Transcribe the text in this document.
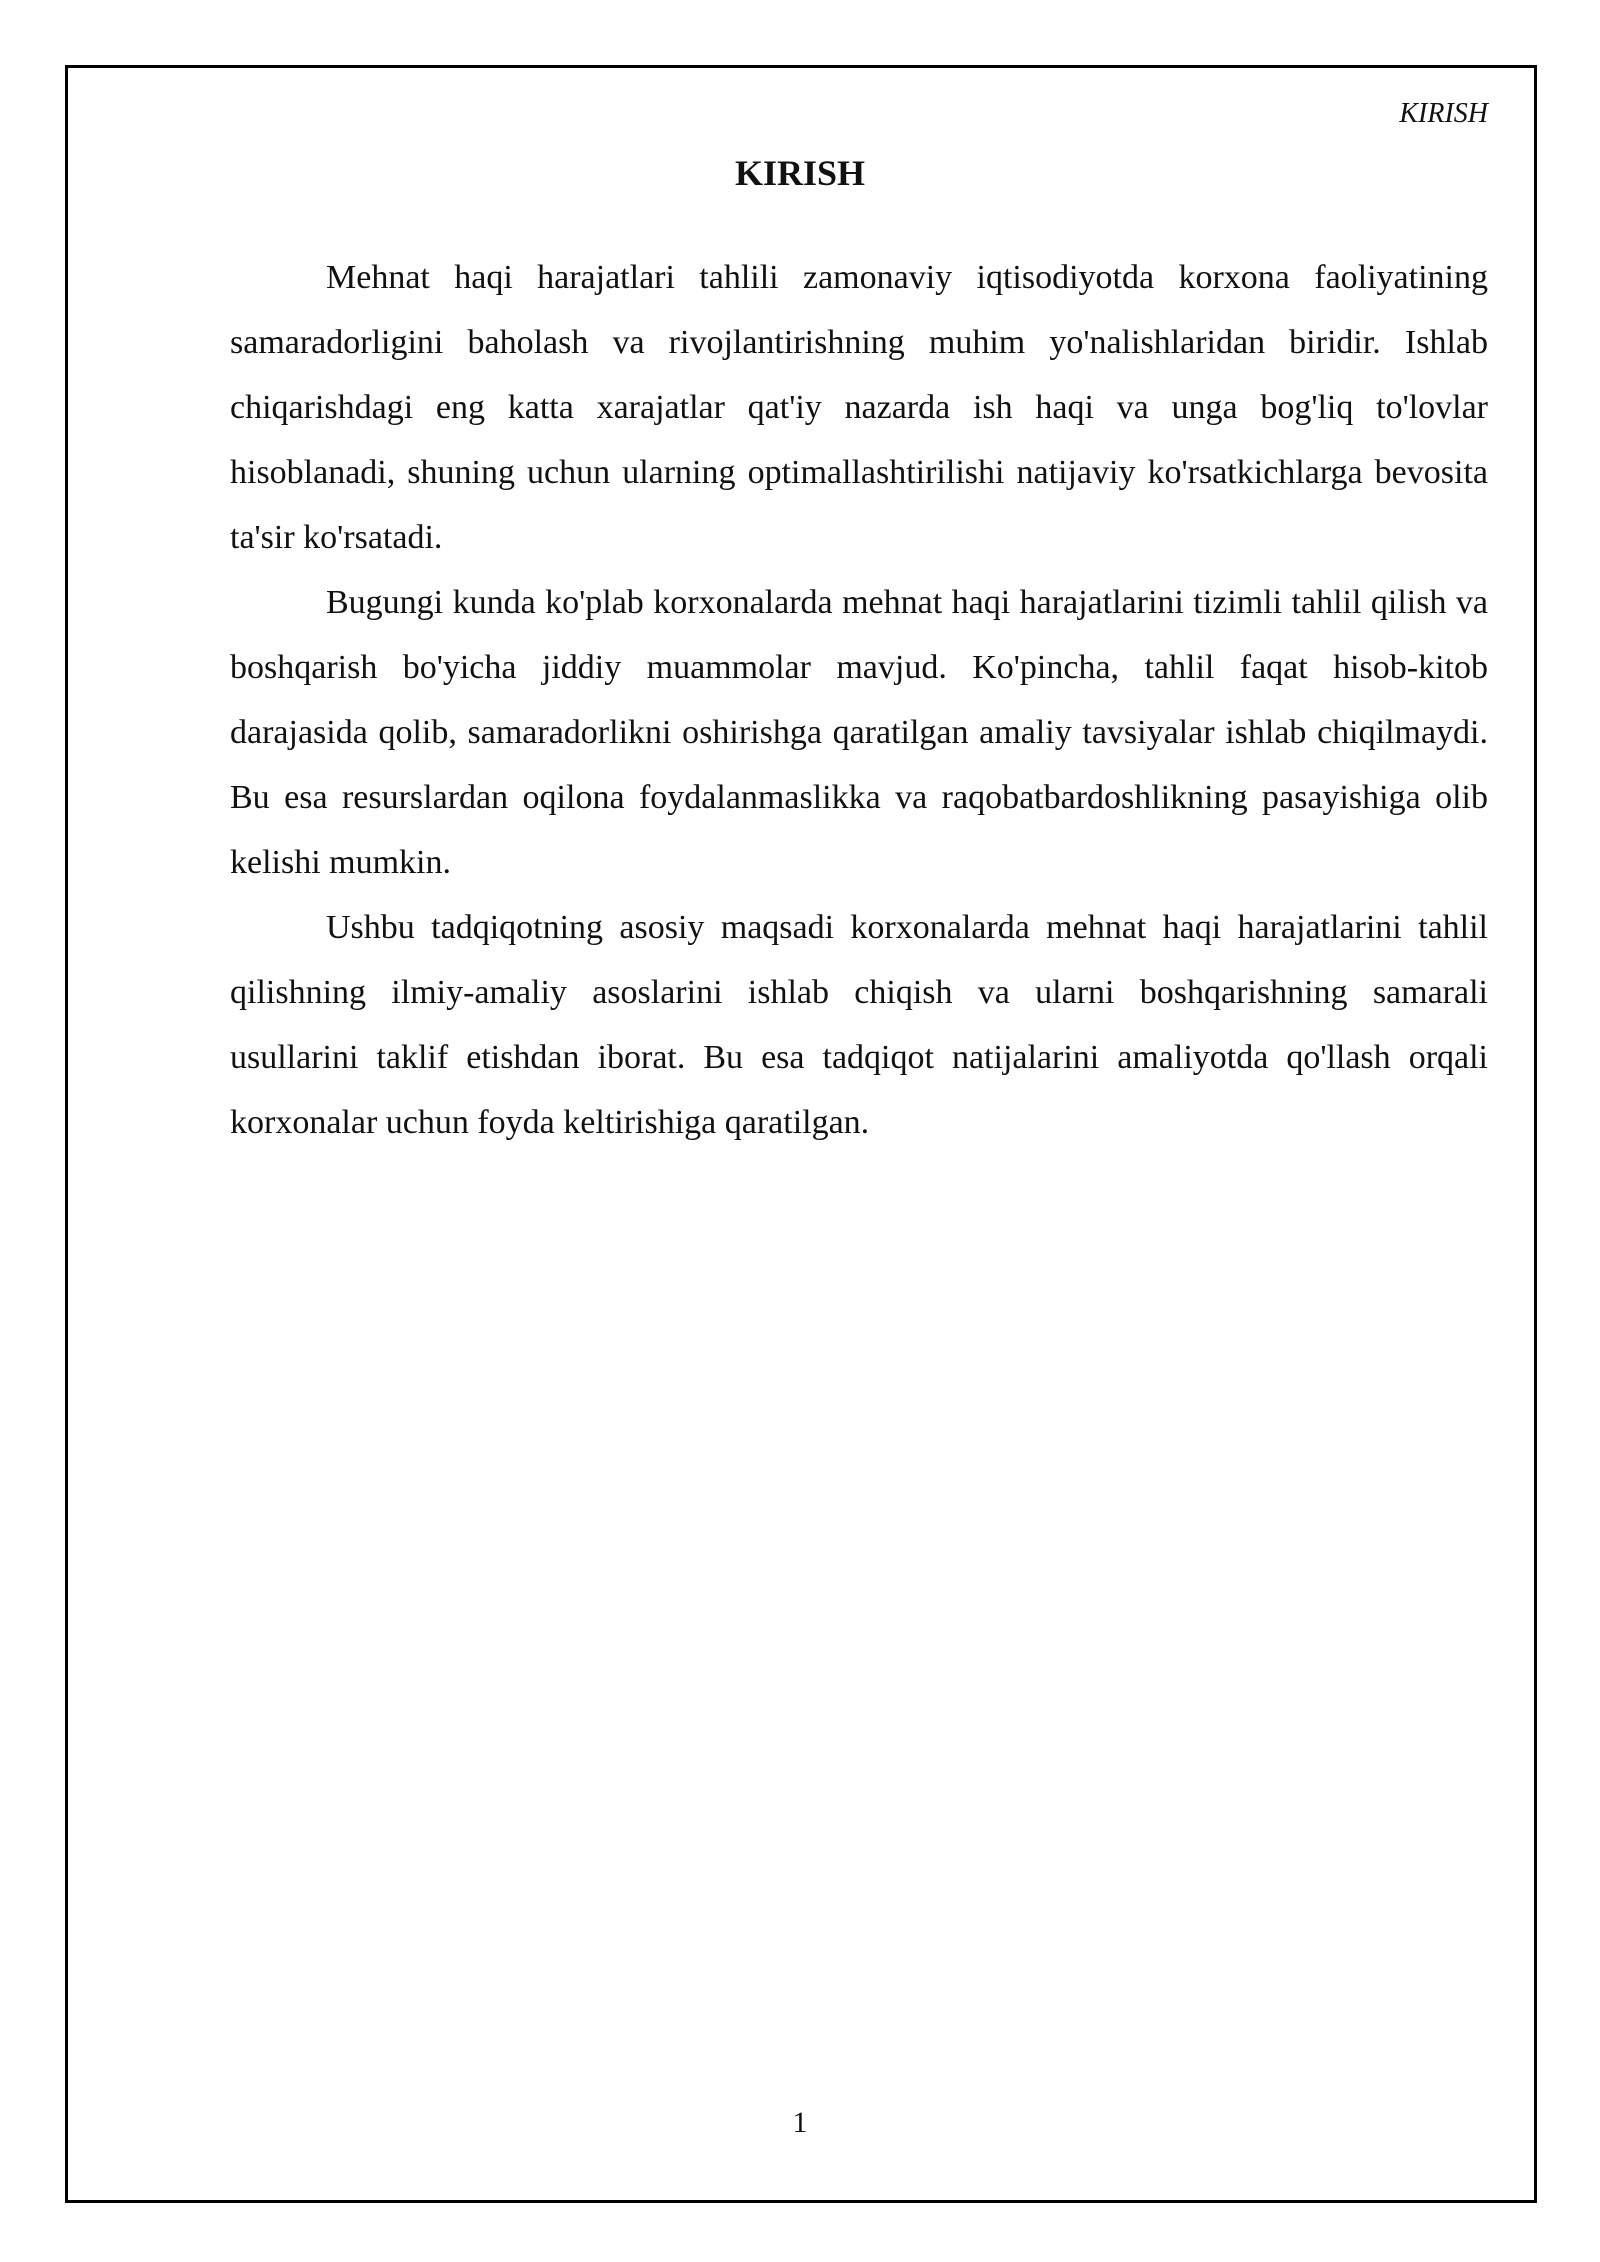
KIRISH
KIRISH

Mehnat haqi harajatlari tahlili zamonaviy iqtisodiyotda korxona faoliyatining samaradorligini baholash va rivojlantirishning muhim yo'nalishlaridan biridir. Ishlab chiqarishdagi eng katta xarajatlar qat'iy nazarda ish haqi va unga bog'liq to'lovlar hisoblanadi, shuning uchun ularning optimallashtirilishi natijaviy ko'rsatkichlarga bevosita ta'sir ko'rsatadi.

Bugungi kunda ko'plab korxonalarda mehnat haqi harajatlarini tizimli tahlil qilish va boshqarish bo'yicha jiddiy muammolar mavjud. Ko'pincha, tahlil faqat hisob-kitob darajasida qolib, samaradorlikni oshirishga qaratilgan amaliy tavsiyalar ishlab chiqilmaydi. Bu esa resurslardan oqilona foydalanmaslikka va raqobatbardoshlikning pasayishiga olib kelishi mumkin.

Ushbu tadqiqotning asosiy maqsadi korxonalarda mehnat haqi harajatlarini tahlil qilishning ilmiy-amaliy asoslarini ishlab chiqish va ularni boshqarishning samarali usullarini taklif etishdan iborat. Bu esa tadqiqot natijalarini amaliyotda qo'llash orqali korxonalar uchun foyda keltirishiga qaratilgan.

1
